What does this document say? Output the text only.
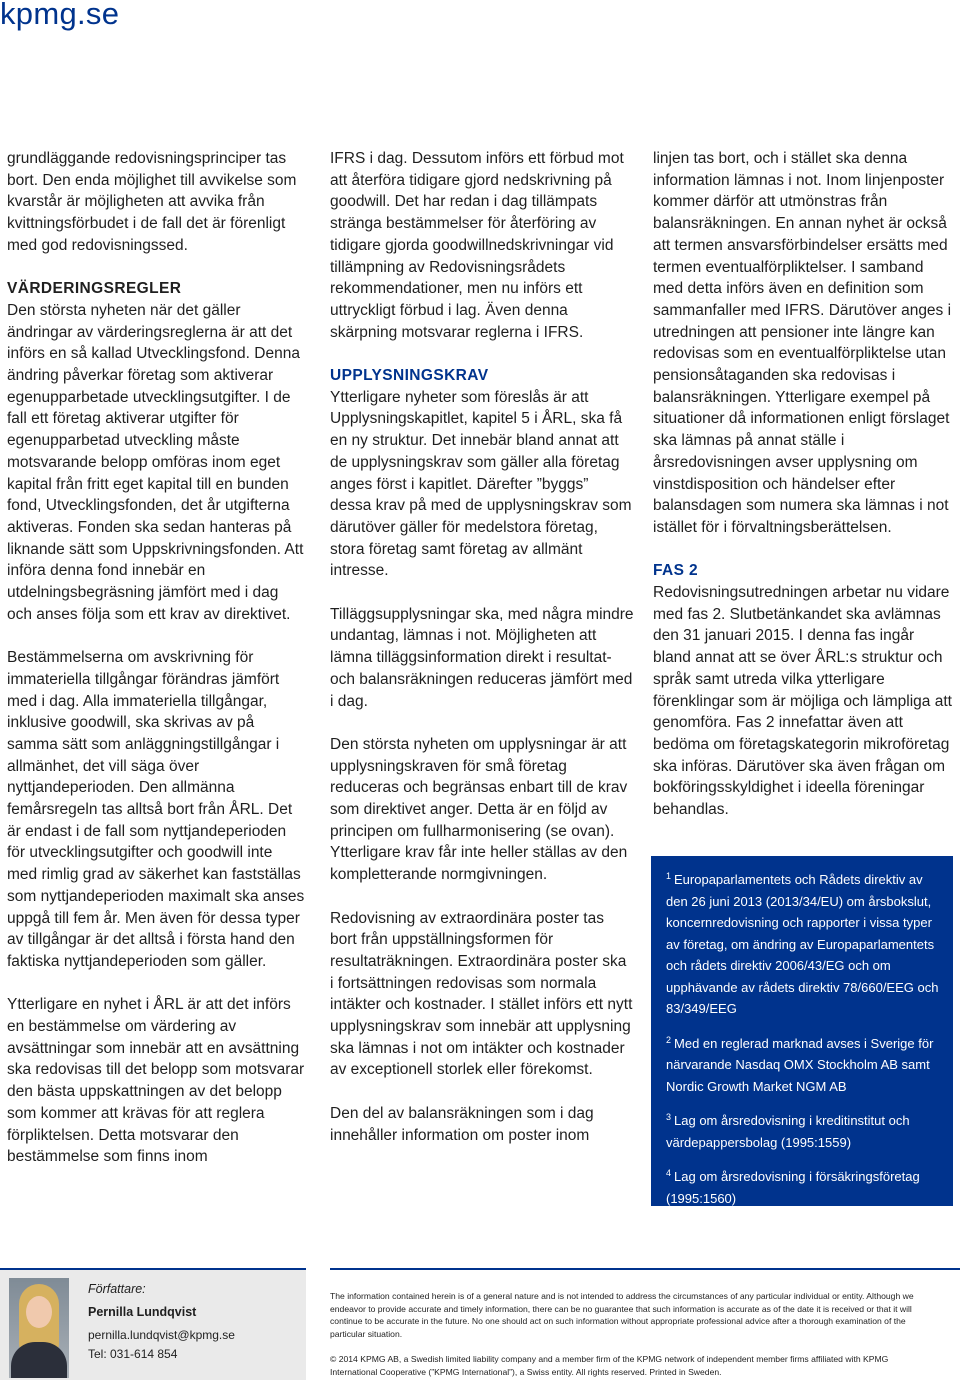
kpmg.se

grundläggande redovisningsprinciper tas bort. Den enda möjlighet till avvikelse som kvarstår är möjligheten att avvika från kvittningsförbudet i de fall det är förenligt med god redovisningssed.

VÄRDERINGSREGLER
Den största nyheten när det gäller ändringar av värderingsreglerna är att det införs en så kallad Utvecklingsfond. Denna ändring påverkar företag som aktiverar egenupparbetade utvecklingsutgifter. I de fall ett företag aktiverar utgifter för egenupparbetad utveckling måste motsvarande belopp omföras inom eget kapital från fritt eget kapital till en bunden fond, Utvecklingsfonden, det år utgifterna aktiveras. Fonden ska sedan hanteras på liknande sätt som Uppskrivningsfonden. Att införa denna fond innebär en utdelningsbegräsning jämfört med i dag och anses följa som ett krav av direktivet.

Bestämmelserna om avskrivning för immateriella tillgångar förändras jämfört med i dag. Alla immateriella tillgångar, inklusive goodwill, ska skrivas av på samma sätt som anläggningstillgångar i allmänhet, det vill säga över nyttjandeperioden. Den allmänna femårsregeln tas alltså bort från ÅRL. Det är endast i de fall som nyttjandeperioden för utvecklingsutgifter och goodwill inte med rimlig grad av säkerhet kan fastställas som nyttjandeperioden maximalt ska anses uppgå till fem år. Men även för dessa typer av tillgångar är det alltså i första hand den faktiska nyttjandeperioden som gäller.

Ytterligare en nyhet i ÅRL är att det införs en bestämmelse om värdering av avsättningar som innebär att en avsättning ska redovisas till det belopp som motsvarar den bästa uppskattningen av det belopp som kommer att krävas för att reglera förpliktelsen. Detta motsvarar den bestämmelse som finns inom

IFRS i dag. Dessutom införs ett förbud mot att återföra tidigare gjord nedskrivning på goodwill. Det har redan i dag tillämpats stränga bestämmelser för återföring av tidigare gjorda goodwillnedskrivningar vid tillämpning av Redovisningsrådets rekommendationer, men nu införs ett uttryckligt förbud i lag. Även denna skärpning motsvarar reglerna i IFRS.

UPPLYSNINGSKRAV
Ytterligare nyheter som föreslås är att Upplysningskapitlet, kapitel 5 i ÅRL, ska få en ny struktur. Det innebär bland annat att de upplysningskrav som gäller alla företag anges först i kapitlet. Därefter ”byggs” dessa krav på med de upplysningskrav som därutöver gäller för medelstora företag, stora företag samt företag av allmänt intresse.

Tilläggsupplysningar ska, med några mindre undantag, lämnas i not. Möjligheten att lämna tilläggsinformation direkt i resultat- och balansräkningen reduceras jämfört med i dag.

Den största nyheten om upplysningar är att upplysningskraven för små företag reduceras och begränsas enbart till de krav som direktivet anger. Detta är en följd av principen om fullharmonisering (se ovan). Ytterligare krav får inte heller ställas av den kompletterande normgivningen.

Redovisning av extraordinära poster tas bort från uppställningsformen för resultaträkningen. Extraordinära poster ska i fortsättningen redovisas som normala intäkter och kostnader. I stället införs ett nytt upplysningskrav som innebär att upplysning ska lämnas i not om intäkter och kostnader av exceptionell storlek eller förekomst.

Den del av balansräkningen som i dag innehåller information om poster inom

linjen tas bort, och i stället ska denna information lämnas i not. Inom linjenposter kommer därför att utmönstras från balansräkningen. En annan nyhet är också att termen ansvarsförbindelser ersätts med termen eventualförpliktelser. I samband med detta införs även en definition som sammanfaller med IFRS. Därutöver anges i utredningen att pensioner inte längre kan redovisas som en eventualförpliktelse utan pensionsåtaganden ska redovisas i balansräkningen. Ytterligare exempel på situationer då informationen enligt förslaget ska lämnas på annat ställe i årsredovisningen avser upplysning om vinstdisposition och händelser efter balansdagen som numera ska lämnas i not istället för i förvaltningsberättelsen.

FAS 2
Redovisningsutredningen arbetar nu vidare med fas 2. Slutbetänkandet ska avlämnas den 31 januari 2015. I denna fas ingår bland annat att se över ÅRL:s struktur och språk samt utreda vilka ytterligare förenklingar som är möjliga och lämpliga att genomföra. Fas 2 innefattar även att bedöma om företagskategorin mikroföretag ska införas. Därutöver ska även frågan om bokföringsskyldighet i ideella föreningar behandlas.

$^1$ Europaparlamentets och Rådets direktiv av den 26 juni 2013 (2013/34/EU) om årsbokslut, koncernredovisning och rapporter i vissa typer av företag, om ändring av Europaparlamentets och rådets direktiv 2006/43/EG och om upphävande av rådets direktiv 78/660/EEG och 83/349/EEG

$^2$ Med en reglerad marknad avses i Sverige för närvarande Nasdaq OMX Stockholm AB samt Nordic Growth Market NGM AB

$^3$ Lag om årsredovisning i kreditinstitut och värdepappersbolag (1995:1559)

$^4$ Lag om årsredovisning i försäkringsföretag (1995:1560)

Författare:
Pernilla Lundqvist
pernilla.lundqvist@kpmg.se
Tel: 031-614 854
The information contained herein is of a general nature and is not intended to address the circumstances of any particular individual or entity. Although we endeavor to provide accurate and timely information, there can be no guarantee that such information is accurate as of the date it is received or that it will continue to be accurate in the future. No one should act on such information without appropriate professional advice after a thorough examination of the particular situation.
© 2014 KPMG AB, a Swedish limited liability company and a member firm of the KPMG network of independent member firms affiliated with KPMG International Cooperative (”KPMG International”), a Swiss entity. All rights reserved. Printed in Sweden.
